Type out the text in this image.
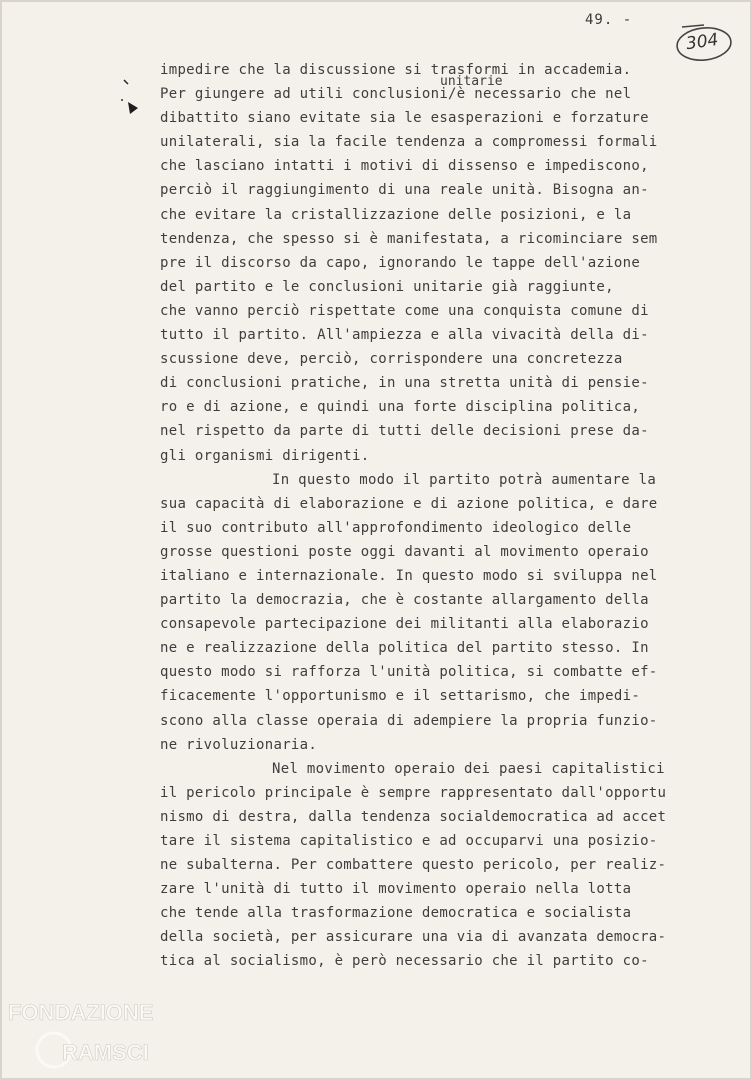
49. -
304
unitarie
impedire che la discussione si trasformi in accademia.
Per giungere ad utili conclusioni/è necessario che nel
dibattito siano evitate sia le esasperazioni e forzature
unilaterali, sia la facile tendenza a compromessi formali
che lasciano intatti i motivi di dissenso e impediscono,
perciò il raggiungimento di una reale unità. Bisogna an-
che evitare la cristallizzazione delle posizioni, e la
tendenza, che spesso si è manifestata, a ricominciare sem
pre il discorso da capo, ignorando le tappe dell'azione
del partito e le conclusioni unitarie già raggiunte,
che vanno perciò rispettate come una conquista comune di
tutto il partito. All'ampiezza e alla vivacità della di-
scussione deve, perciò, corrispondere una concretezza
di conclusioni pratiche, in una stretta unità di pensie-
ro e di azione, e quindi una forte disciplina politica,
nel rispetto da parte di tutti delle decisioni prese da-
gli organismi dirigenti.
In questo modo il partito potrà aumentare la
sua capacità di elaborazione e di azione politica, e dare
il suo contributo all'approfondimento ideologico delle
grosse questioni poste oggi davanti al movimento operaio
italiano e internazionale. In questo modo si sviluppa nel
partito la democrazia, che è costante allargamento della
consapevole partecipazione dei militanti alla elaborazio
ne e realizzazione della politica del partito stesso. In
questo modo si rafforza l'unità politica, si combatte ef-
ficacemente l'opportunismo e il settarismo, che impedi-
scono alla classe operaia di adempiere la propria funzio-
ne rivoluzionaria.
Nel movimento operaio dei paesi capitalistici
il pericolo principale è sempre rappresentato dall'opportu
nismo di destra, dalla tendenza socialdemocratica ad accet
tare il sistema capitalistico e ad occuparvi una posizio-
ne subalterna. Per combattere questo pericolo, per realiz-
zare l'unità di tutto il movimento operaio nella lotta
che tende alla trasformazione democratica e socialista
della società, per assicurare una via di avanzata democra-
tica al socialismo, è però necessario che il partito co-
FONDAZIONE
RAMSCI
